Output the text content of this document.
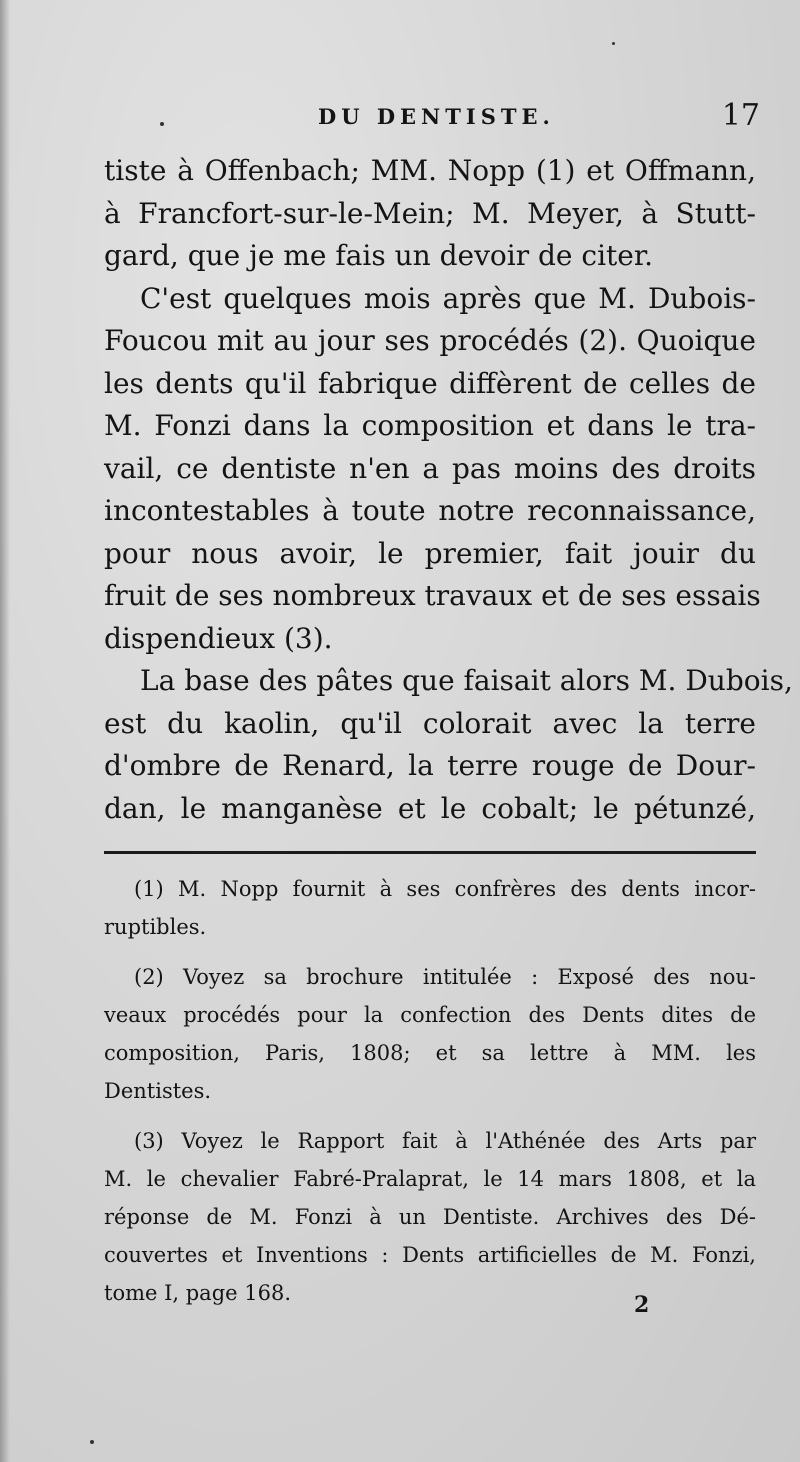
DU DENTISTE.	17
tiste à Offenbach; MM. Nopp (1) et Offmann,
à Francfort-sur-le-Mein; M. Meyer, à Stutt-
gard, que je me fais un devoir de citer.
C'est quelques mois après que M. Dubois-
Foucou mit au jour ses procédés (2). Quoique
les dents qu'il fabrique diffèrent de celles de
M. Fonzi dans la composition et dans le tra-
vail, ce dentiste n'en a pas moins des droits
incontestables à toute notre reconnaissance,
pour nous avoir, le premier, fait jouir du
fruit de ses nombreux travaux et de ses essais
dispendieux (3).
La base des pâtes que faisait alors M. Dubois,
est du kaolin, qu'il colorait avec la terre
d'ombre de Renard, la terre rouge de Dour-
dan, le manganèse et le cobalt; le pétunzé,
(1) M. Nopp fournit à ses confrères des dents incor-
ruptibles.
(2) Voyez sa brochure intitulée : Exposé des nou-
veaux procédés pour la confection des Dents dites de
composition, Paris, 1808; et sa lettre à MM. les
Dentistes.
(3) Voyez le Rapport fait à l'Athénée des Arts par
M. le chevalier Fabré-Pralaprat, le 14 mars 1808, et la
réponse de M. Fonzi à un Dentiste. Archives des Dé-
couvertes et Inventions : Dents artificielles de M. Fonzi,
tome I, page 168.	2
